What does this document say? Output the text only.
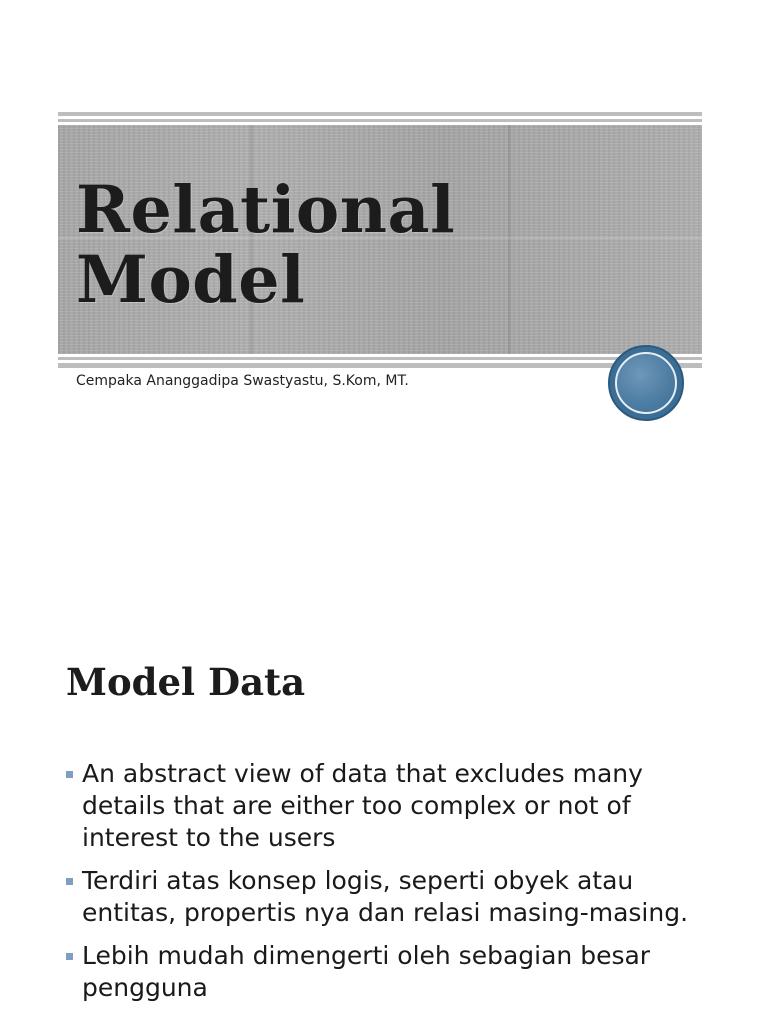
Relational
Model
Cempaka Ananggadipa Swastyastu, S.Kom, MT.
Model Data
An abstract view of data that excludes many details that are either too complex or not of interest to the users
Terdiri atas konsep logis, seperti obyek atau entitas, propertis nya dan relasi masing-masing.
Lebih mudah dimengerti oleh sebagian besar pengguna
